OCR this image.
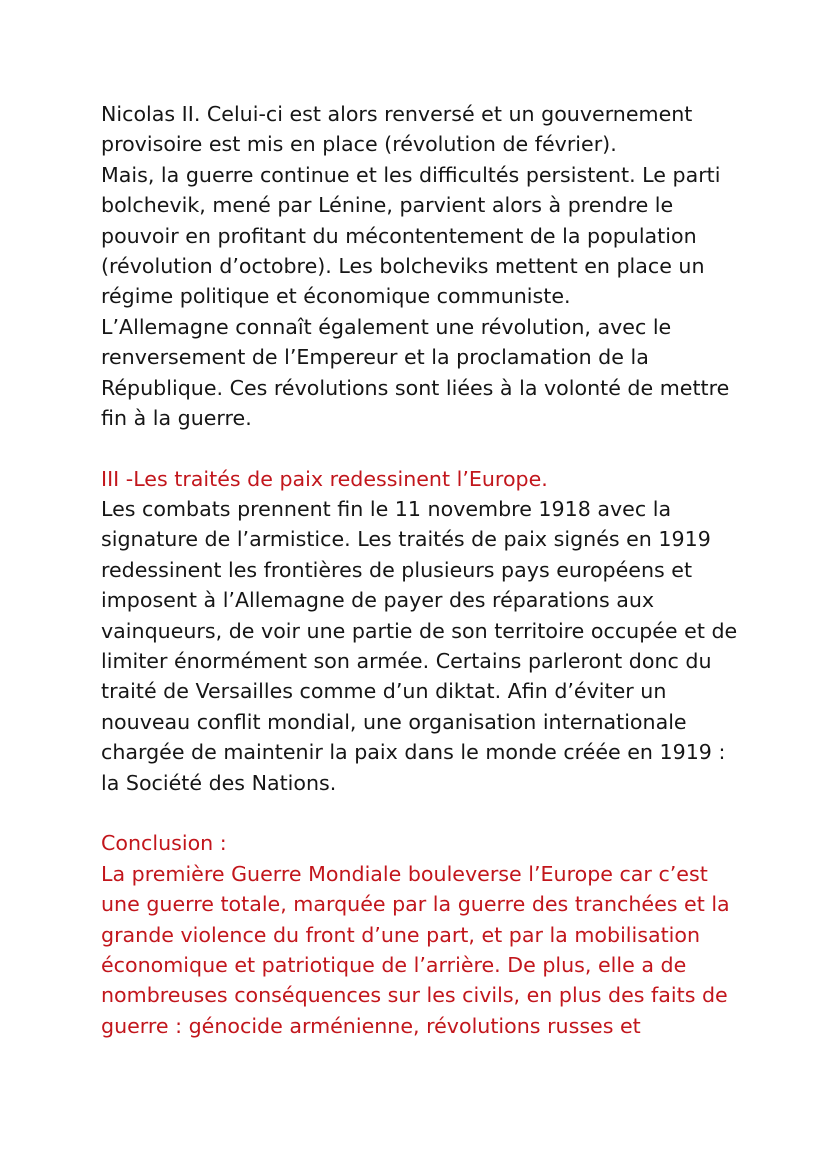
Nicolas II. Celui-ci est alors renversé et un gouvernement
provisoire est mis en place (révolution de février).
Mais, la guerre continue et les difficultés persistent. Le parti
bolchevik, mené par Lénine, parvient alors à prendre le
pouvoir en profitant du mécontentement de la population
(révolution d’octobre). Les bolcheviks mettent en place un
régime politique et économique communiste.
L’Allemagne connaît également une révolution, avec le
renversement de l’Empereur et la proclamation de la
République. Ces révolutions sont liées à la volonté de mettre
fin à la guerre.
III -Les traités de paix redessinent l’Europe.
Les combats prennent fin le 11 novembre 1918 avec la
signature de l’armistice. Les traités de paix signés en 1919
redessinent les frontières de plusieurs pays européens et
imposent à l’Allemagne de payer des réparations aux
vainqueurs, de voir une partie de son territoire occupée et de
limiter énormément son armée. Certains parleront donc du
traité de Versailles comme d’un diktat. Afin d’éviter un
nouveau conflit mondial, une organisation internationale
chargée de maintenir la paix dans le monde créée en 1919 :
la Société des Nations.
Conclusion :
La première Guerre Mondiale bouleverse l’Europe car c’est
une guerre totale, marquée par la guerre des tranchées et la
grande violence du front d’une part, et par la mobilisation
économique et patriotique de l’arrière. De plus, elle a de
nombreuses conséquences sur les civils, en plus des faits de
guerre : génocide arménienne, révolutions russes et
